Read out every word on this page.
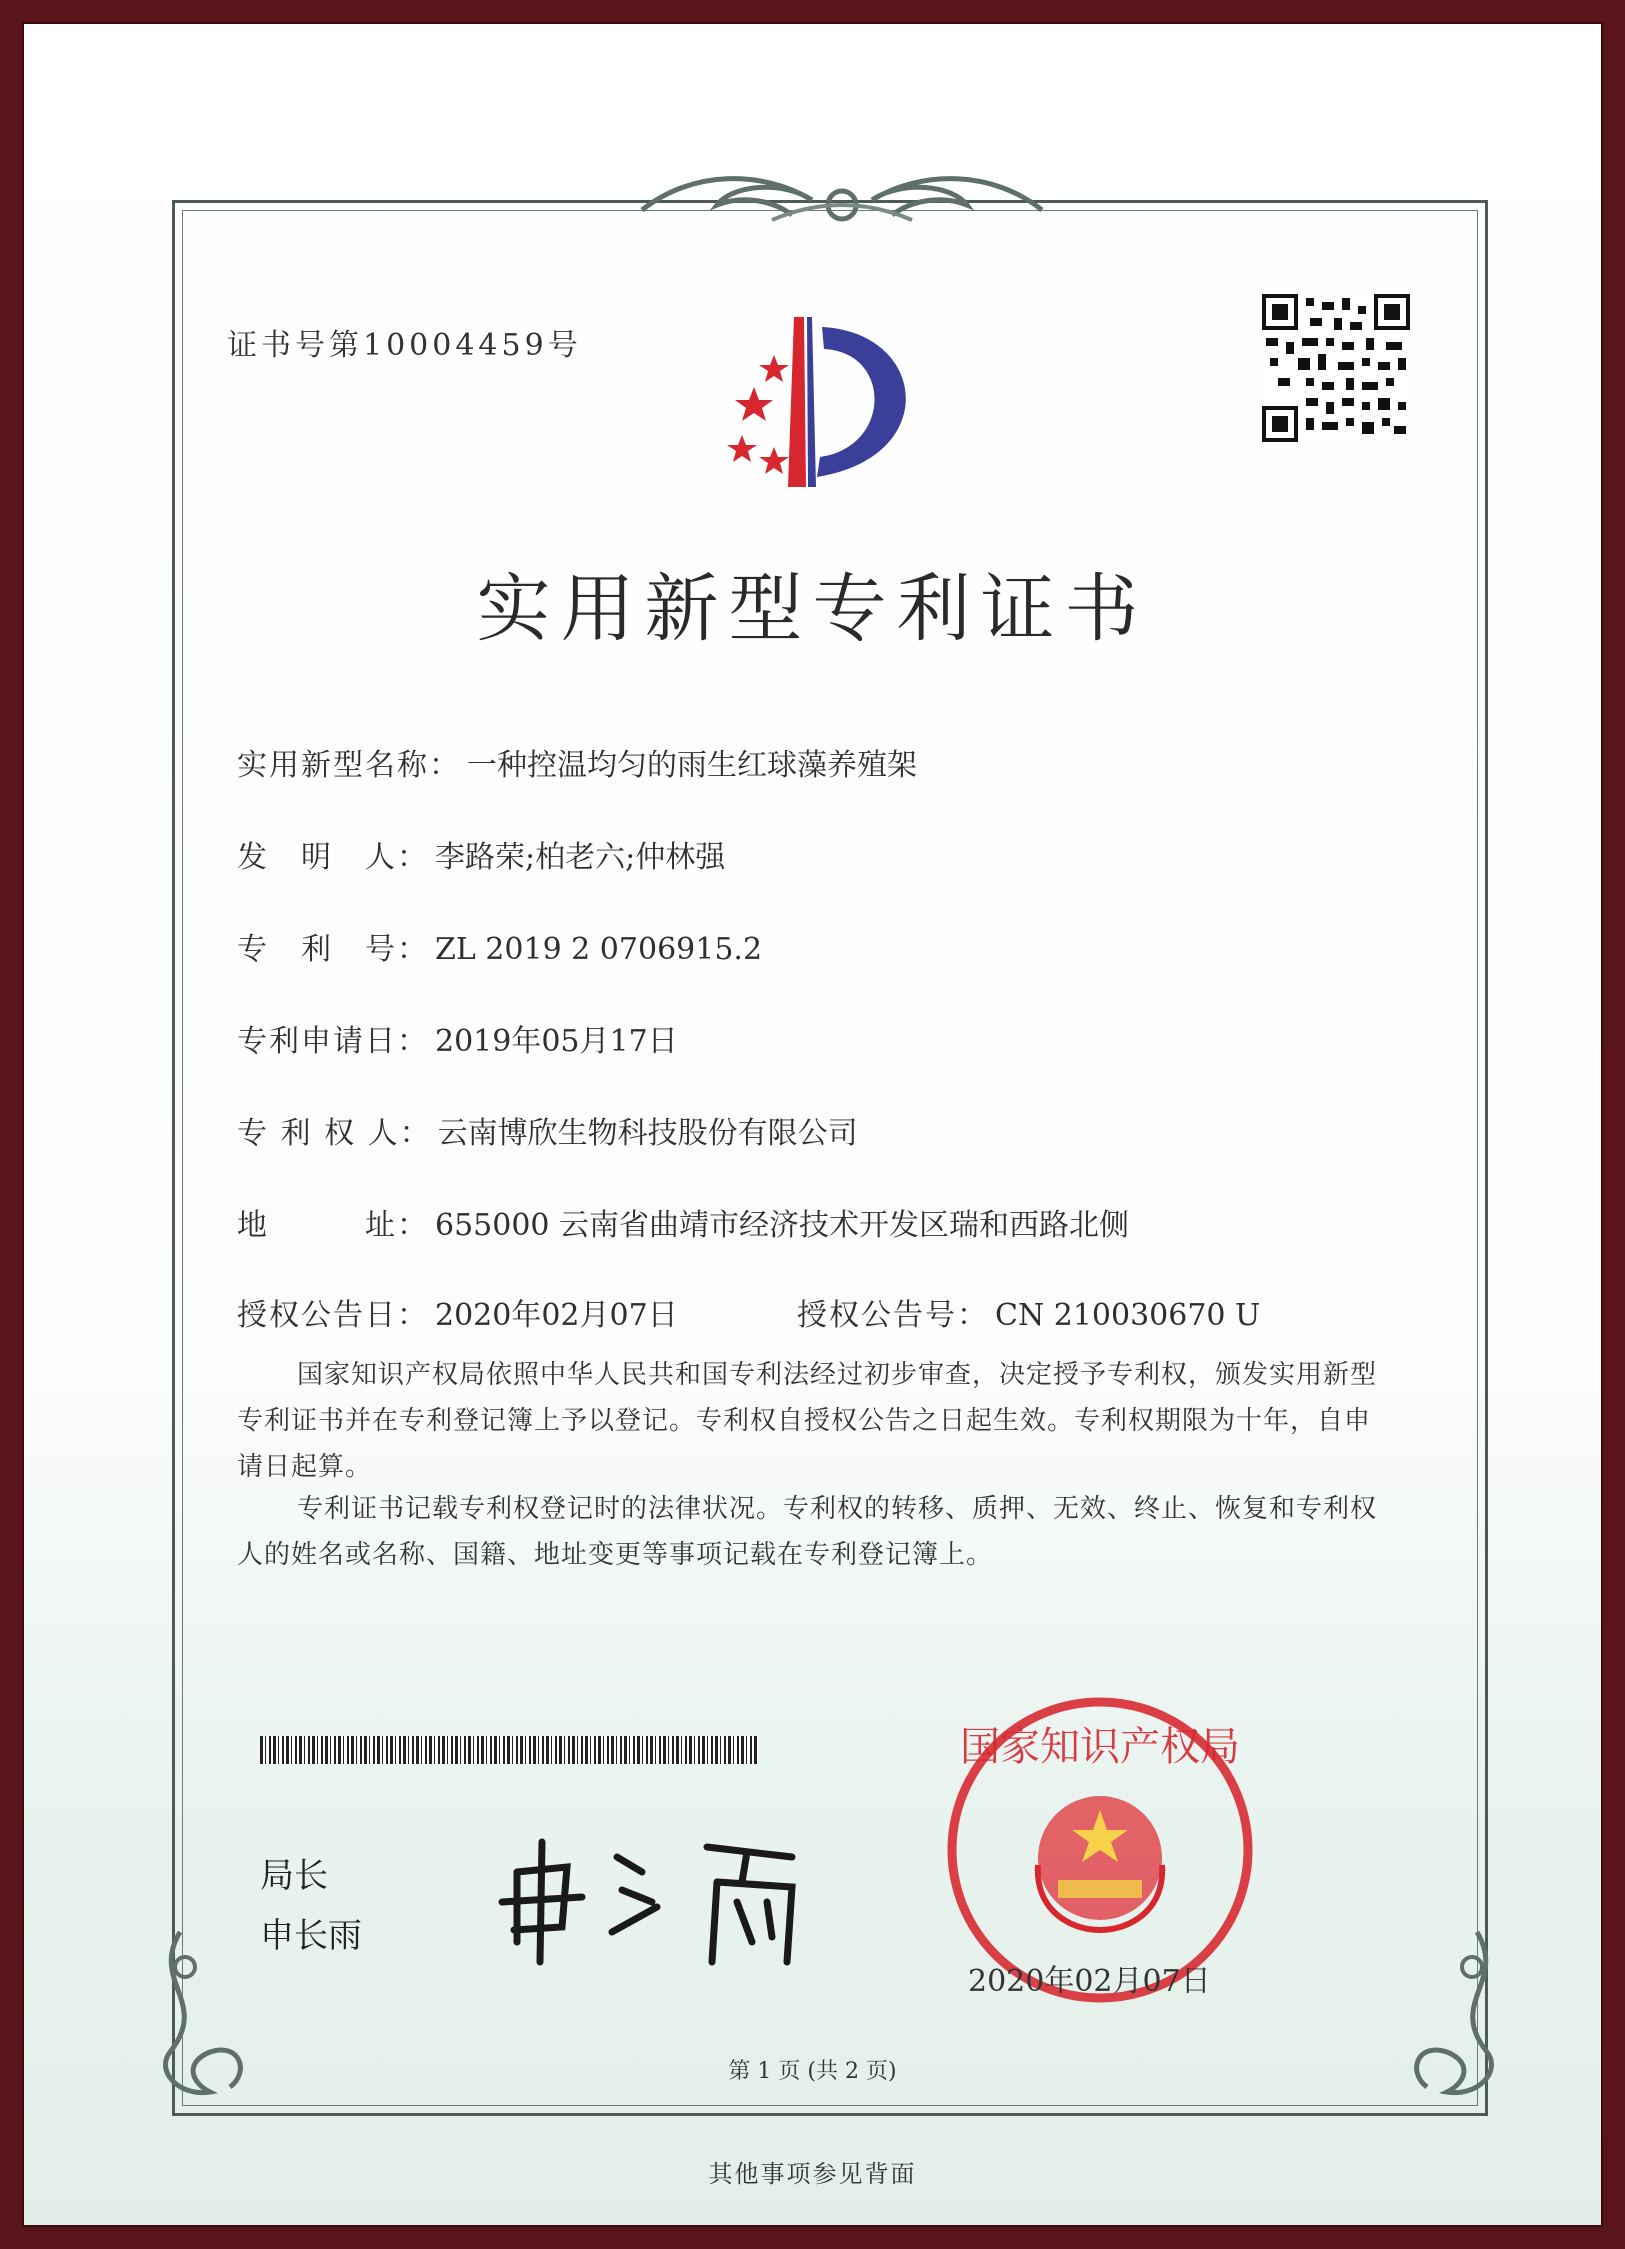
证书号第10004459号
实用新型专利证书
实用新型名称： 一种控温均匀的雨生红球藻养殖架
发　明　人： 李路荣;柏老六;仲林强
专　利　号： ZL 2019 2 0706915.2
专利申请日： 2019年05月17日
专 利 权 人： 云南博欣生物科技股份有限公司
地　　　址： 655000 云南省曲靖市经济技术开发区瑞和西路北侧
授权公告日： 2020年02月07日	授权公告号： CN 210030670 U
国家知识产权局依照中华人民共和国专利法经过初步审查，决定授予专利权，颁发实用新型专利证书并在专利登记簿上予以登记。专利权自授权公告之日起生效。专利权期限为十年，自申请日起算。
专利证书记载专利权登记时的法律状况。专利权的转移、质押、无效、终止、恢复和专利权人的姓名或名称、国籍、地址变更等事项记载在专利登记簿上。
局长
申长雨
国家知识产权局
2020年02月07日
第 1 页 (共 2 页)
其他事项参见背面
